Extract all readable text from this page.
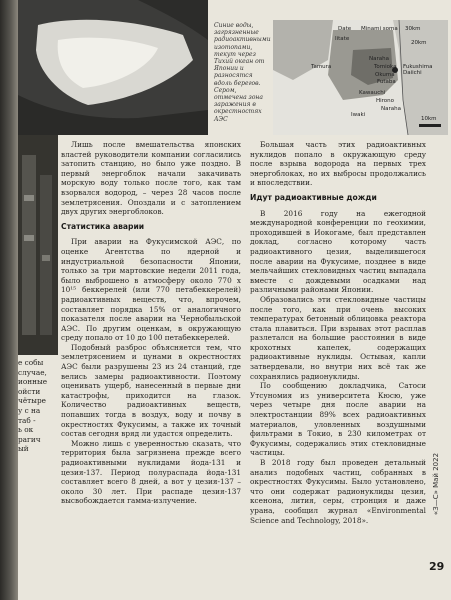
Date Minami soma 30km
Iitate
20km
Naraha
Tomioka
Okuma
Futaba
Fukushima Daiichi
Tamura
Kawauchi
Hirono
Iwaki
Naraha
10km
Синие воды, загрязненные радиоактивными изотопами, текут через Тихий океан от Японии и разносятся вдоль берегов. Сером, отмечена зона заражения в окрестностях АЭС
е собы
случае,
ионные
ойсти
чётыре
у с на
таб -
ь ок
рагич
ый

Лишь после вмешательства японских властей руководители компании согласились затопить станцию, но было уже поздно. В первый энергоблок начали закачивать морскую воду только после того, как там взорвался водород, – через 28 часов после землетрясения. Опоздали и с затоплением двух других энергоблоков.

Статистика аварии

При аварии на Фукусимской АЭС, по оценке Агентства по ядерной и индустриальной безопасности Японии, только за три мартовские недели 2011 года, было выброшено в атмосферу около 770 х 10¹⁵ беккерелей (или 770 петабеккерелей) радиоактивных веществ, что, впрочем, составляет порядка 15% от аналогичного показателя после аварии на Чернобыльской АЭС. По другим оценкам, в окружающую среду попало от 10 до 100 петабеккерелей.

Подобный разброс объясняется тем, что землетрясением и цунами в окрестностях АЭС были разрушены 23 из 24 станций, где велись замеры радиоактивности. Поэтому оценивать ущерб, нанесенный в первые дни катастрофы, приходится на глазок. Количество радиоактивных веществ, попавших тогда в воздух, воду и почву в окрестностях Фукусимы, а также их точный состав сегодня вряд ли удастся определить.

Можно лишь с уверенностью сказать, что территория была загрязнена прежде всего радиоактивными нуклидами йода-131 и цезия-137. Период полураспада йода-131 составляет всего 8 дней, а вот у цезия-137 – около 30 лет. При распаде цезия-137 высвобождается гамма-излучение.

Большая часть этих радиоактивных нуклидов попало в окружающую среду после взрыва водорода на первых трех энергоблоках, но их выбросы продолжались и впоследствии.

Идут радиоактивные дожди

В 2016 году на ежегодной международной конференции по геохимии, проходившей в Иокогаме, был представлен доклад, согласно которому часть радиоактивного цезия, выделившегося после аварии на Фукусиме, позднее в виде мельчайших стекловидных частиц выпадала вместе с дождевыми осадками над различными районами Японии.

Образовались эти стекловидные частицы после того, как при очень высоких температурах бетонный облицовка реактора стала плавиться. При взрывах этот расплав разлетался на большие расстояния в виде крохотных капелек, содержащих радиоактивные нуклиды. Остывая, капли затвердевали, но внутри них всё так же сохранялись радионуклиды.

По сообщению докладчика, Сатоси Утсуномия из университета Кюсю, уже через четыре дня после аварии на электростанции 89% всех радиоактивных материалов, уловленных воздушными фильтрами в Токио, в 230 километрах от Фукусимы, содержались этих стекловидные частицы.

В 2018 году был проведен детальный анализ подобных частиц, собранных в окрестностях Фукусимы. Было установлено, что они содержат радионуклиды цезия, ксенона, лития, серы, стронция и даже урана, сообщил журнал «Environmental Science and Technology, 2018».

«З—С» Май 2022
29
